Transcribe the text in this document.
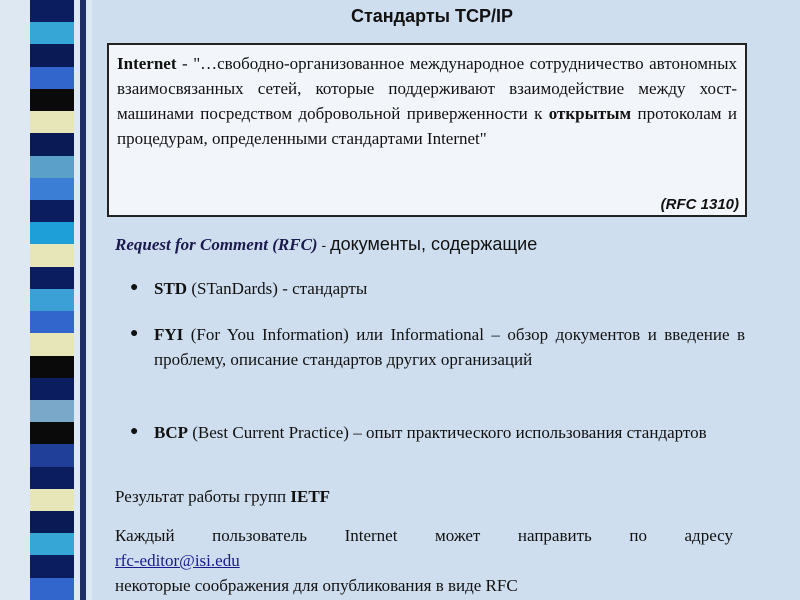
Стандарты TCP/IP
Internet - "…свободно-организованное международное сотрудничество автономных взаимосвязанных сетей, которые поддерживают взаимодействие между хост-машинами посредством добровольной приверженности к открытым протоколам и процедурам, определенными стандартами Internet"
(RFC 1310)
Request for Comment (RFC) - документы, содержащие
● STD (STanDards) - стандарты
● FYI (For You Information) или Informational – обзор документов и введение в проблему, описание стандартов других организаций
● BCP (Best Current Practice) – опыт практического использования стандартов
Результат работы групп IETF
Каждый пользователь Internet может направить по адресу
rfc-editor@isi.edu
некоторые соображения для опубликования в виде RFC
